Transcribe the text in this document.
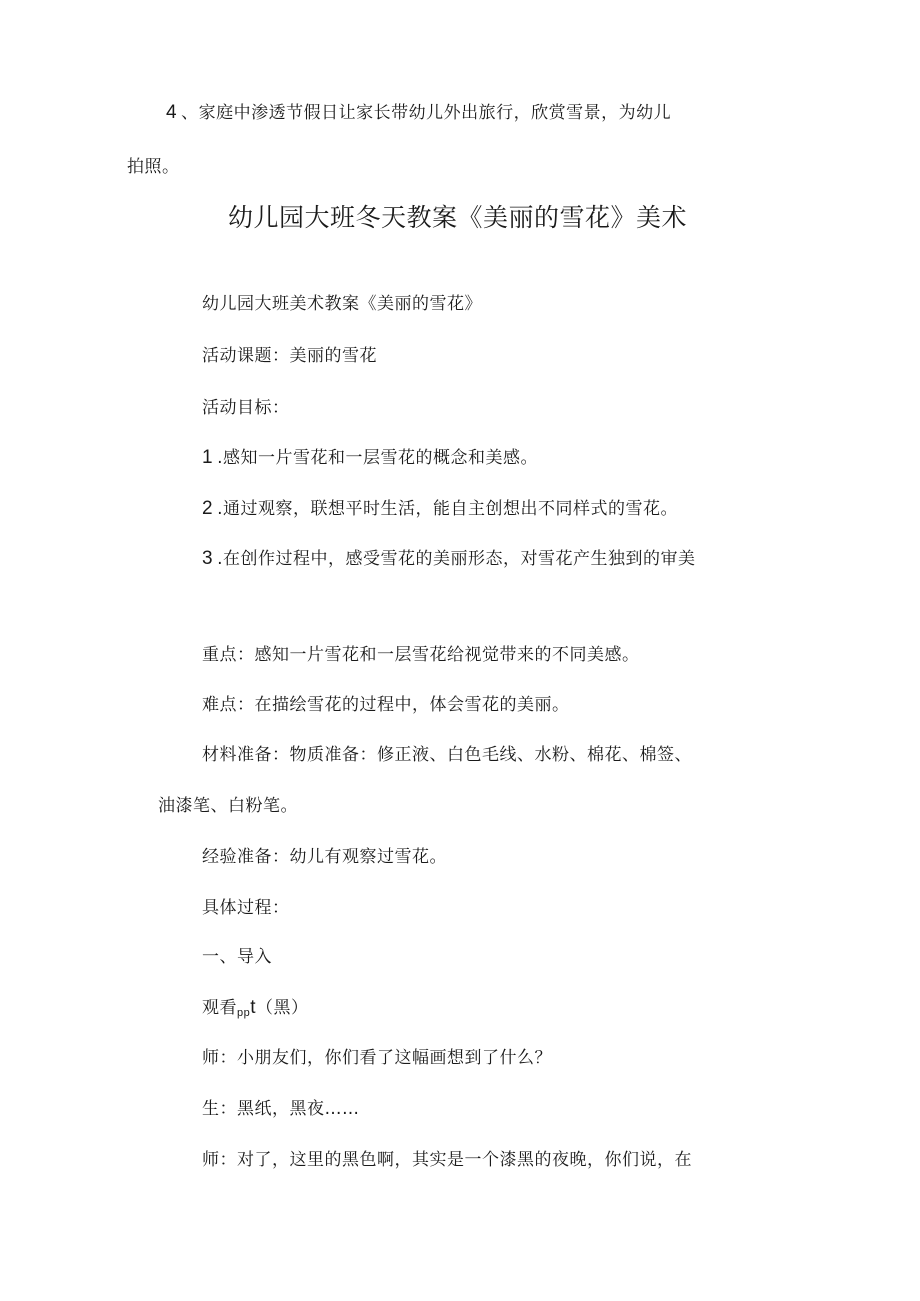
4 、家庭中渗透节假日让家长带幼儿外出旅行，欣赏雪景，为幼儿
拍照。
幼儿园大班冬天教案《美丽的雪花》美术
幼儿园大班美术教案《美丽的雪花》
活动课题：美丽的雪花
活动目标：
1 .感知一片雪花和一层雪花的概念和美感。
2 .通过观察，联想平时生活，能自主创想出不同样式的雪花。
3 .在创作过程中，感受雪花的美丽形态，对雪花产生独到的审美
重点：感知一片雪花和一层雪花给视觉带来的不同美感。
难点：在描绘雪花的过程中，体会雪花的美丽。
材料准备：物质准备：修正液、白色毛线、水粉、棉花、棉签、
油漆笔、白粉笔。
经验准备：幼儿有观察过雪花。
具体过程：
一、导入
观看ppt（黑）
师：小朋友们，你们看了这幅画想到了什么？
生：黑纸，黑夜……
师：对了，这里的黑色啊，其实是一个漆黑的夜晚，你们说，在
